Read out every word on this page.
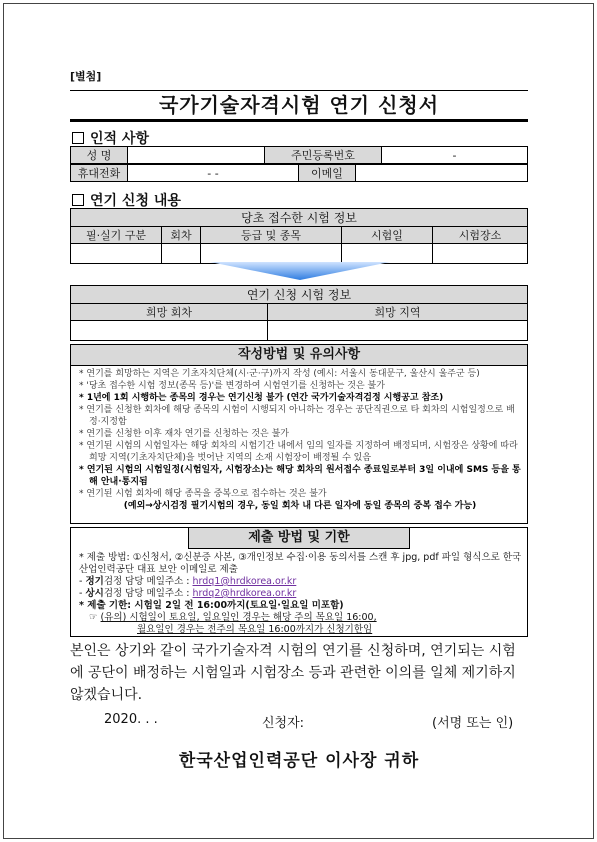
[별첨]
국가기술자격시험 연기 신청서
인적 사항
성 명		주민등록번호	-
휴대전화	- -	이메일	
연기 신청 내용
당초 접수한 시험 정보				
필·실기 구분	회차	등급 및 종목	시험일	시험장소

연기 신청 시험 정보	
희망 회차	희망 지역

작성방법 및 유의사항
* 연기를 희망하는 지역은 기초자치단체(시·군·구)까지 작성 (예시: 서울시 동대문구, 울산시 울주군 등)
* '당초 접수한 시험 정보(종목 등)'를 변경하여 시험연기를 신청하는 것은 불가
* 1년에 1회 시행하는 종목의 경우는 연기신청 불가 (연간 국가기술자격검정 시행공고 참조)
* 연기를 신청한 회차에 해당 종목의 시험이 시행되지 아니하는 경우는 공단직권으로 타 회차의 시험일정으로 배정·지정함
* 연기를 신청한 이후 재차 연기를 신청하는 것은 불가
* 연기된 시험의 시험일자는 해당 회차의 시험기간 내에서 임의 일자를 지정하여 배정되며, 시험장은 상황에 따라 희망 지역(기초자치단체)을 벗어난 지역의 소재 시험장이 배정될 수 있음
* 연기된 시험의 시험일정(시험일자, 시험장소)는 해당 회차의 원서접수 종료일로부터 3일 이내에 SMS 등을 통해 안내·통지됨
* 연기된 시험 회차에 해당 종목을 중복으로 접수하는 것은 불가
(예외→상시검정 필기시험의 경우, 동일 회차 내 다른 일자에 동일 종목의 중복 접수 가능)
제출 방법 및 기한

* 제출 방법: ①신청서, ②신분증 사본, ③개인정보 수집·이용 동의서를 스캔 후 jpg, pdf 파일 형식으로 한국산업인력공단 대표 보안 이메일로 제출

- 정기검정 담당 메일주소 : hrdq1@hrdkorea.or.kr

- 상시검정 담당 메일주소 : hrdq2@hrdkorea.or.kr

* 제출 기한: 시험일 2일 전 16:00까지(토요일·일요일 미포함)

☞ (유의) 시험일이 토요일, 일요일인 경우는 해당 주의 목요일 16:00,

월요일인 경우는 전주의 목요일 16:00까지가 신청기한임

본인은 상기와 같이 국가기술자격 시험의 연기를 신청하며, 연기되는 시험에 공단이 배정하는 시험일과 시험장소 등과 관련한 이의를 일체 제기하지 않겠습니다.
2020. . .	신청자:	(서명 또는 인)
한국산업인력공단 이사장 귀하
